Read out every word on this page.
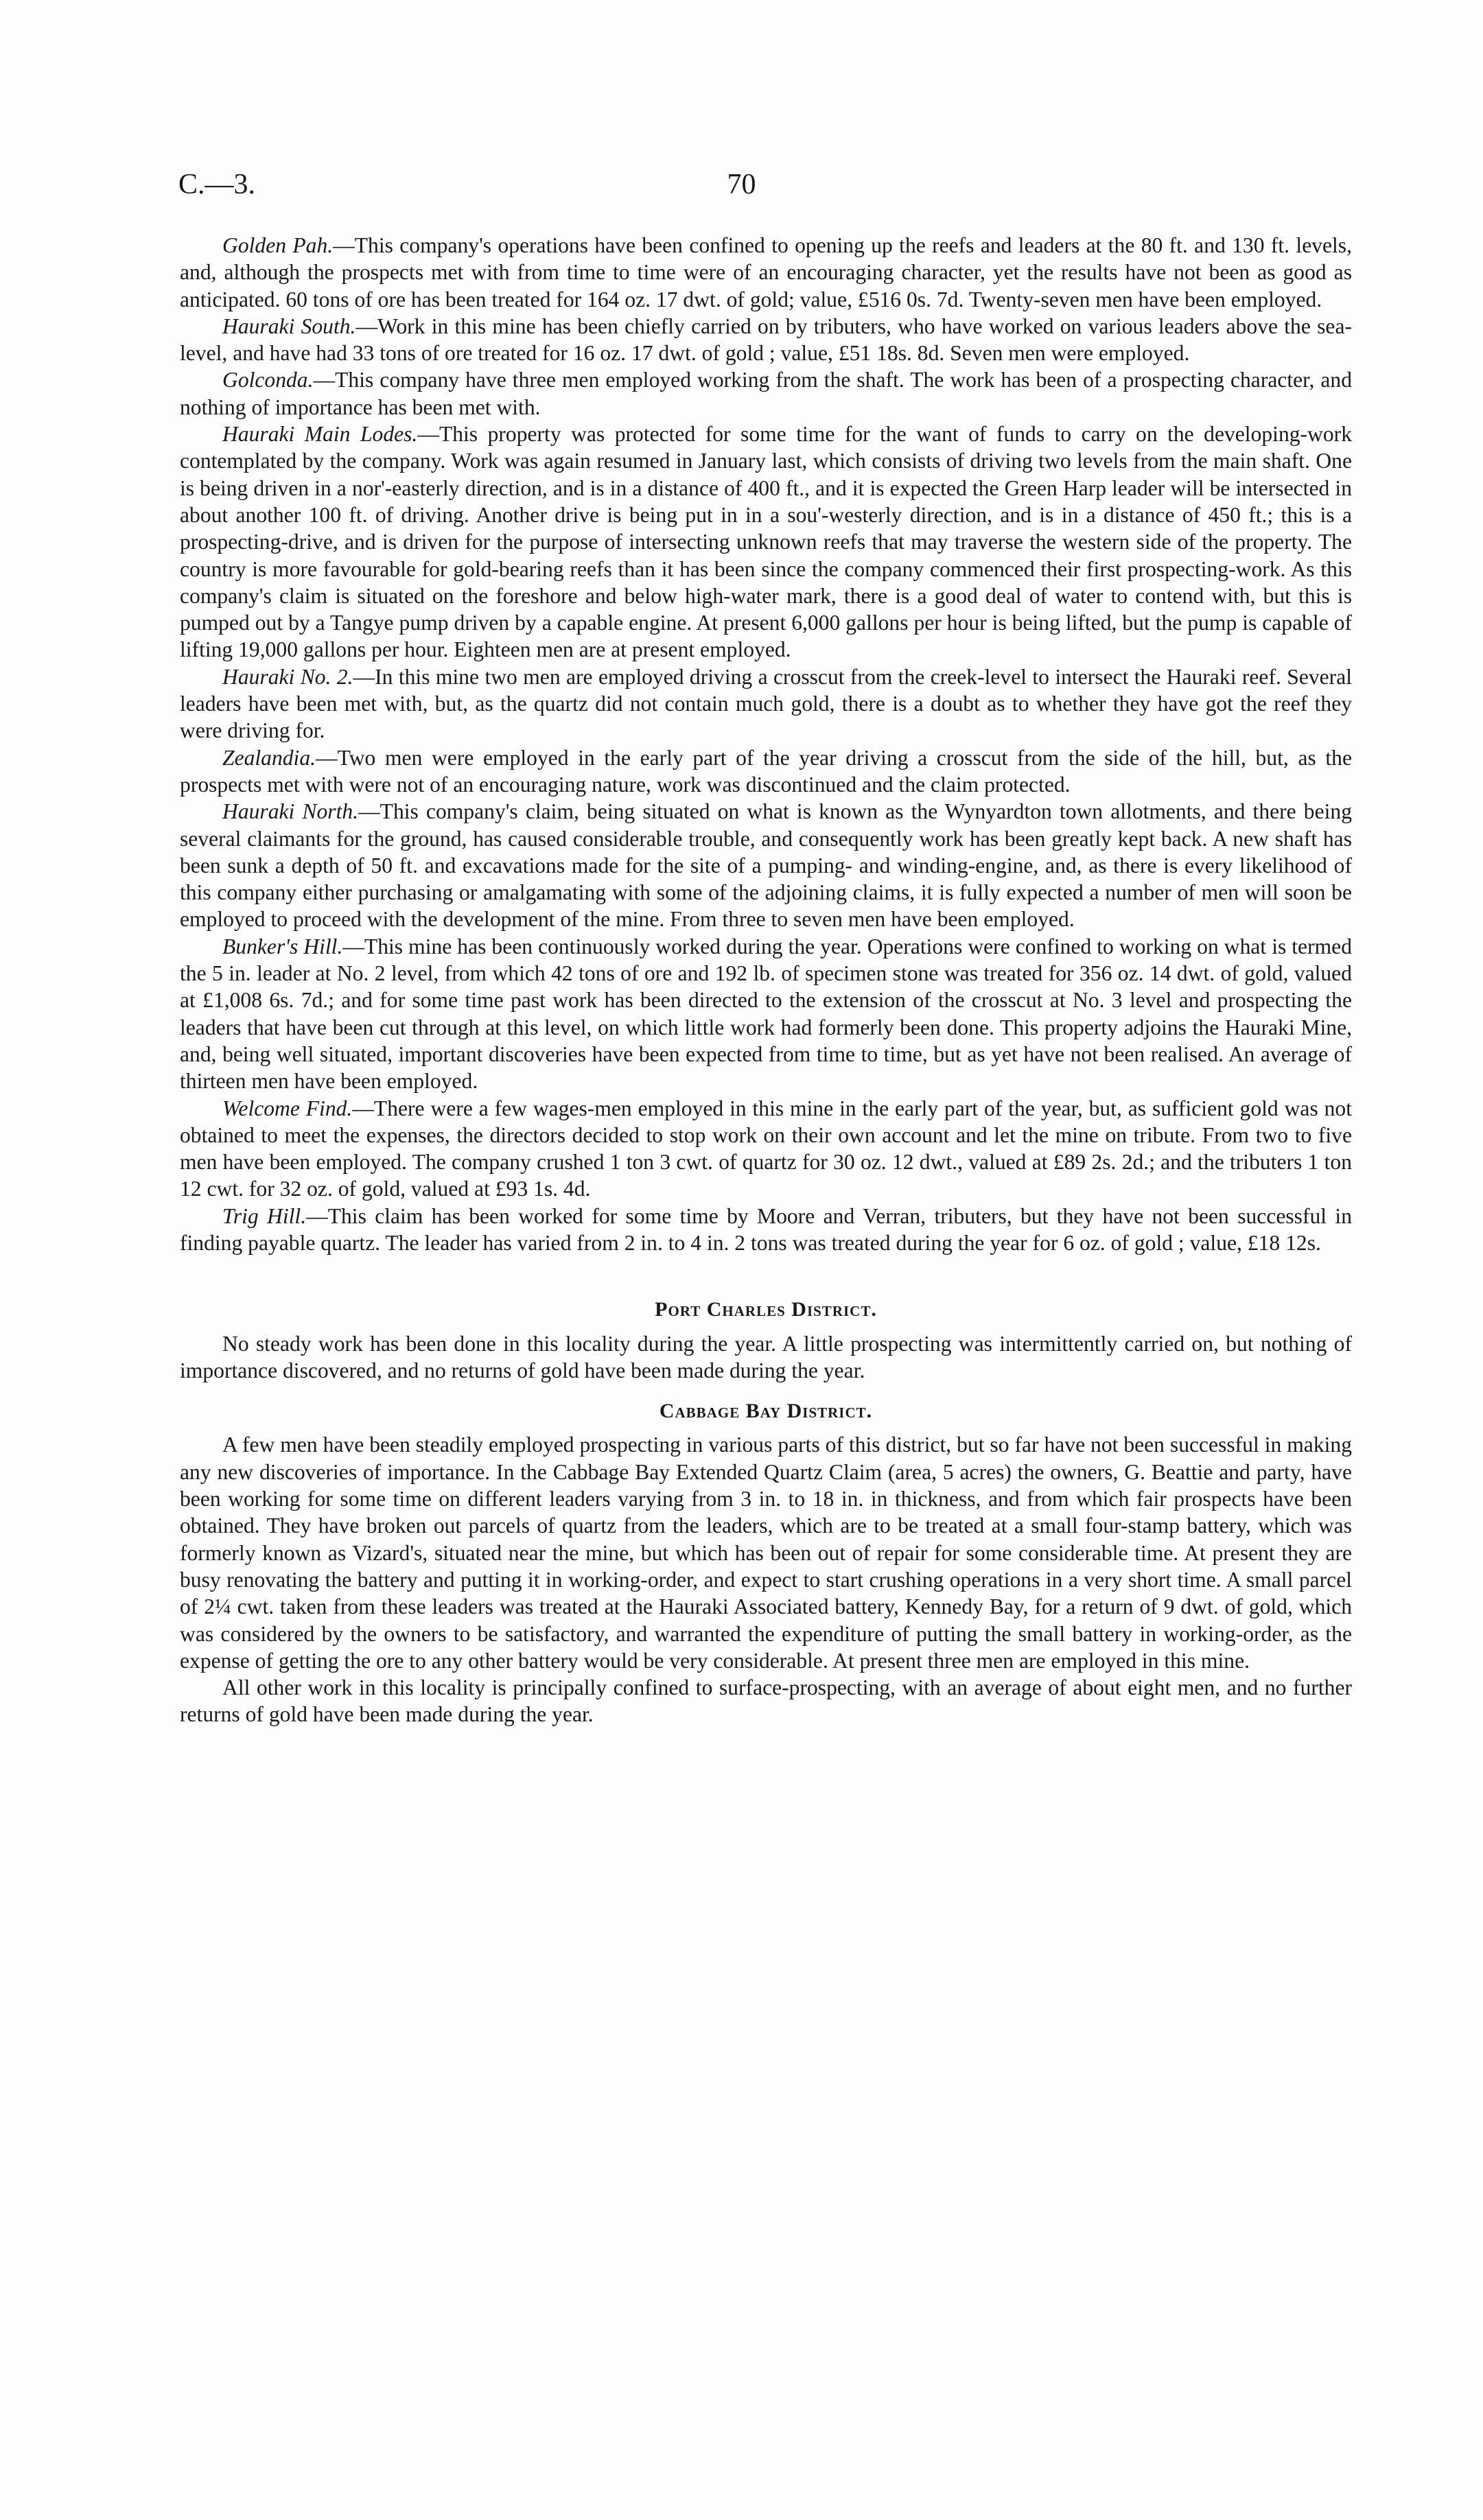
C.—3.	70

Golden Pah.—This company's operations have been confined to opening up the reefs and leaders at the 80 ft. and 130 ft. levels, and, although the prospects met with from time to time were of an encouraging character, yet the results have not been as good as anticipated. 60 tons of ore has been treated for 164 oz. 17 dwt. of gold; value, £516 0s. 7d. Twenty-seven men have been employed.

Hauraki South.—Work in this mine has been chiefly carried on by tributers, who have worked on various leaders above the sea-level, and have had 33 tons of ore treated for 16 oz. 17 dwt. of gold ; value, £51 18s. 8d. Seven men were employed.

Golconda.—This company have three men employed working from the shaft. The work has been of a prospecting character, and nothing of importance has been met with.

Hauraki Main Lodes.—This property was protected for some time for the want of funds to carry on the developing-work contemplated by the company. Work was again resumed in January last, which consists of driving two levels from the main shaft. One is being driven in a nor'-easterly direction, and is in a distance of 400 ft., and it is expected the Green Harp leader will be intersected in about another 100 ft. of driving. Another drive is being put in in a sou'-westerly direction, and is in a distance of 450 ft.; this is a prospecting-drive, and is driven for the purpose of intersecting unknown reefs that may traverse the western side of the property. The country is more favourable for gold-bearing reefs than it has been since the company commenced their first prospecting-work. As this company's claim is situated on the foreshore and below high-water mark, there is a good deal of water to contend with, but this is pumped out by a Tangye pump driven by a capable engine. At present 6,000 gallons per hour is being lifted, but the pump is capable of lifting 19,000 gallons per hour. Eighteen men are at present employed.

Hauraki No. 2.—In this mine two men are employed driving a crosscut from the creek-level to intersect the Hauraki reef. Several leaders have been met with, but, as the quartz did not contain much gold, there is a doubt as to whether they have got the reef they were driving for.

Zealandia.—Two men were employed in the early part of the year driving a crosscut from the side of the hill, but, as the prospects met with were not of an encouraging nature, work was discontinued and the claim protected.

Hauraki North.—This company's claim, being situated on what is known as the Wynyardton town allotments, and there being several claimants for the ground, has caused considerable trouble, and consequently work has been greatly kept back. A new shaft has been sunk a depth of 50 ft. and excavations made for the site of a pumping- and winding-engine, and, as there is every likelihood of this company either purchasing or amalgamating with some of the adjoining claims, it is fully expected a number of men will soon be employed to proceed with the development of the mine. From three to seven men have been employed.

Bunker's Hill.—This mine has been continuously worked during the year. Operations were confined to working on what is termed the 5 in. leader at No. 2 level, from which 42 tons of ore and 192 lb. of specimen stone was treated for 356 oz. 14 dwt. of gold, valued at £1,008 6s. 7d.; and for some time past work has been directed to the extension of the crosscut at No. 3 level and prospecting the leaders that have been cut through at this level, on which little work had formerly been done. This property adjoins the Hauraki Mine, and, being well situated, important discoveries have been expected from time to time, but as yet have not been realised. An average of thirteen men have been employed.

Welcome Find.—There were a few wages-men employed in this mine in the early part of the year, but, as sufficient gold was not obtained to meet the expenses, the directors decided to stop work on their own account and let the mine on tribute. From two to five men have been employed. The company crushed 1 ton 3 cwt. of quartz for 30 oz. 12 dwt., valued at £89 2s. 2d.; and the tributers 1 ton 12 cwt. for 32 oz. of gold, valued at £93 1s. 4d.

Trig Hill.—This claim has been worked for some time by Moore and Verran, tributers, but they have not been successful in finding payable quartz. The leader has varied from 2 in. to 4 in. 2 tons was treated during the year for 6 oz. of gold ; value, £18 12s.

Port Charles District.

No steady work has been done in this locality during the year. A little prospecting was intermittently carried on, but nothing of importance discovered, and no returns of gold have been made during the year.

Cabbage Bay District.

A few men have been steadily employed prospecting in various parts of this district, but so far have not been successful in making any new discoveries of importance. In the Cabbage Bay Extended Quartz Claim (area, 5 acres) the owners, G. Beattie and party, have been working for some time on different leaders varying from 3 in. to 18 in. in thickness, and from which fair prospects have been obtained. They have broken out parcels of quartz from the leaders, which are to be treated at a small four-stamp battery, which was formerly known as Vizard's, situated near the mine, but which has been out of repair for some considerable time. At present they are busy renovating the battery and putting it in working-order, and expect to start crushing operations in a very short time. A small parcel of 2¼ cwt. taken from these leaders was treated at the Hauraki Associated battery, Kennedy Bay, for a return of 9 dwt. of gold, which was considered by the owners to be satisfactory, and warranted the expenditure of putting the small battery in working-order, as the expense of getting the ore to any other battery would be very considerable. At present three men are employed in this mine.

All other work in this locality is principally confined to surface-prospecting, with an average of about eight men, and no further returns of gold have been made during the year.
